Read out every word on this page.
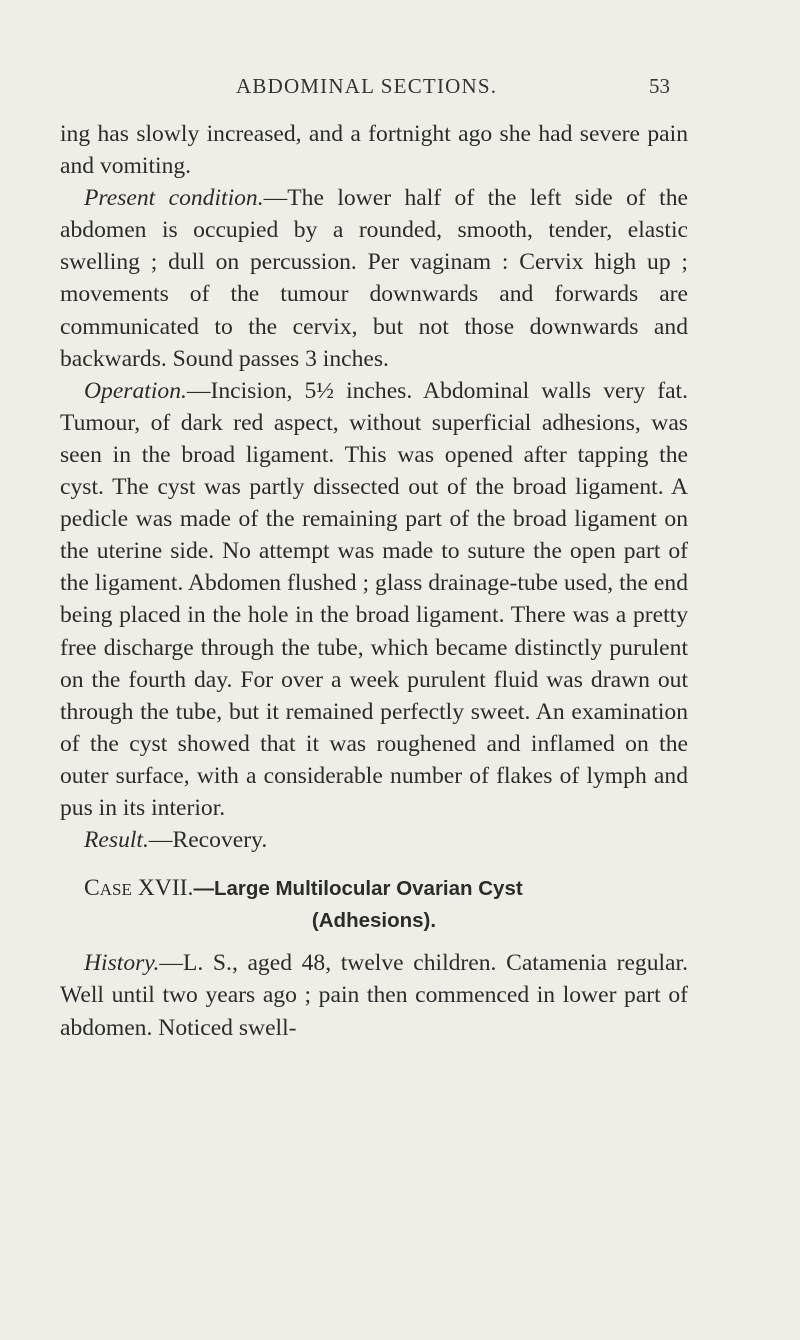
ABDOMINAL SECTIONS.	53

ing has slowly increased, and a fortnight ago she had severe pain and vomiting.

Present condition.—The lower half of the left side of the abdomen is occupied by a rounded, smooth, tender, elastic swelling ; dull on percussion. Per vaginam : Cervix high up ; movements of the tumour downwards and forwards are communicated to the cervix, but not those downwards and backwards. Sound passes 3 inches.

Operation.—Incision, 5½ inches. Abdominal walls very fat. Tumour, of dark red aspect, without superficial adhesions, was seen in the broad ligament. This was opened after tapping the cyst. The cyst was partly dissected out of the broad ligament. A pedicle was made of the remaining part of the broad ligament on the uterine side. No attempt was made to suture the open part of the ligament. Abdomen flushed ; glass drainage-tube used, the end being placed in the hole in the broad ligament. There was a pretty free discharge through the tube, which became distinctly purulent on the fourth day. For over a week purulent fluid was drawn out through the tube, but it remained perfectly sweet. An examination of the cyst showed that it was roughened and inflamed on the outer surface, with a considerable number of flakes of lymph and pus in its interior.

Result.—Recovery.

Case XVII.—Large Multilocular Ovarian Cyst

(Adhesions).

History.—L. S., aged 48, twelve children. Catamenia regular. Well until two years ago ; pain then commenced in lower part of abdomen. Noticed swell-
